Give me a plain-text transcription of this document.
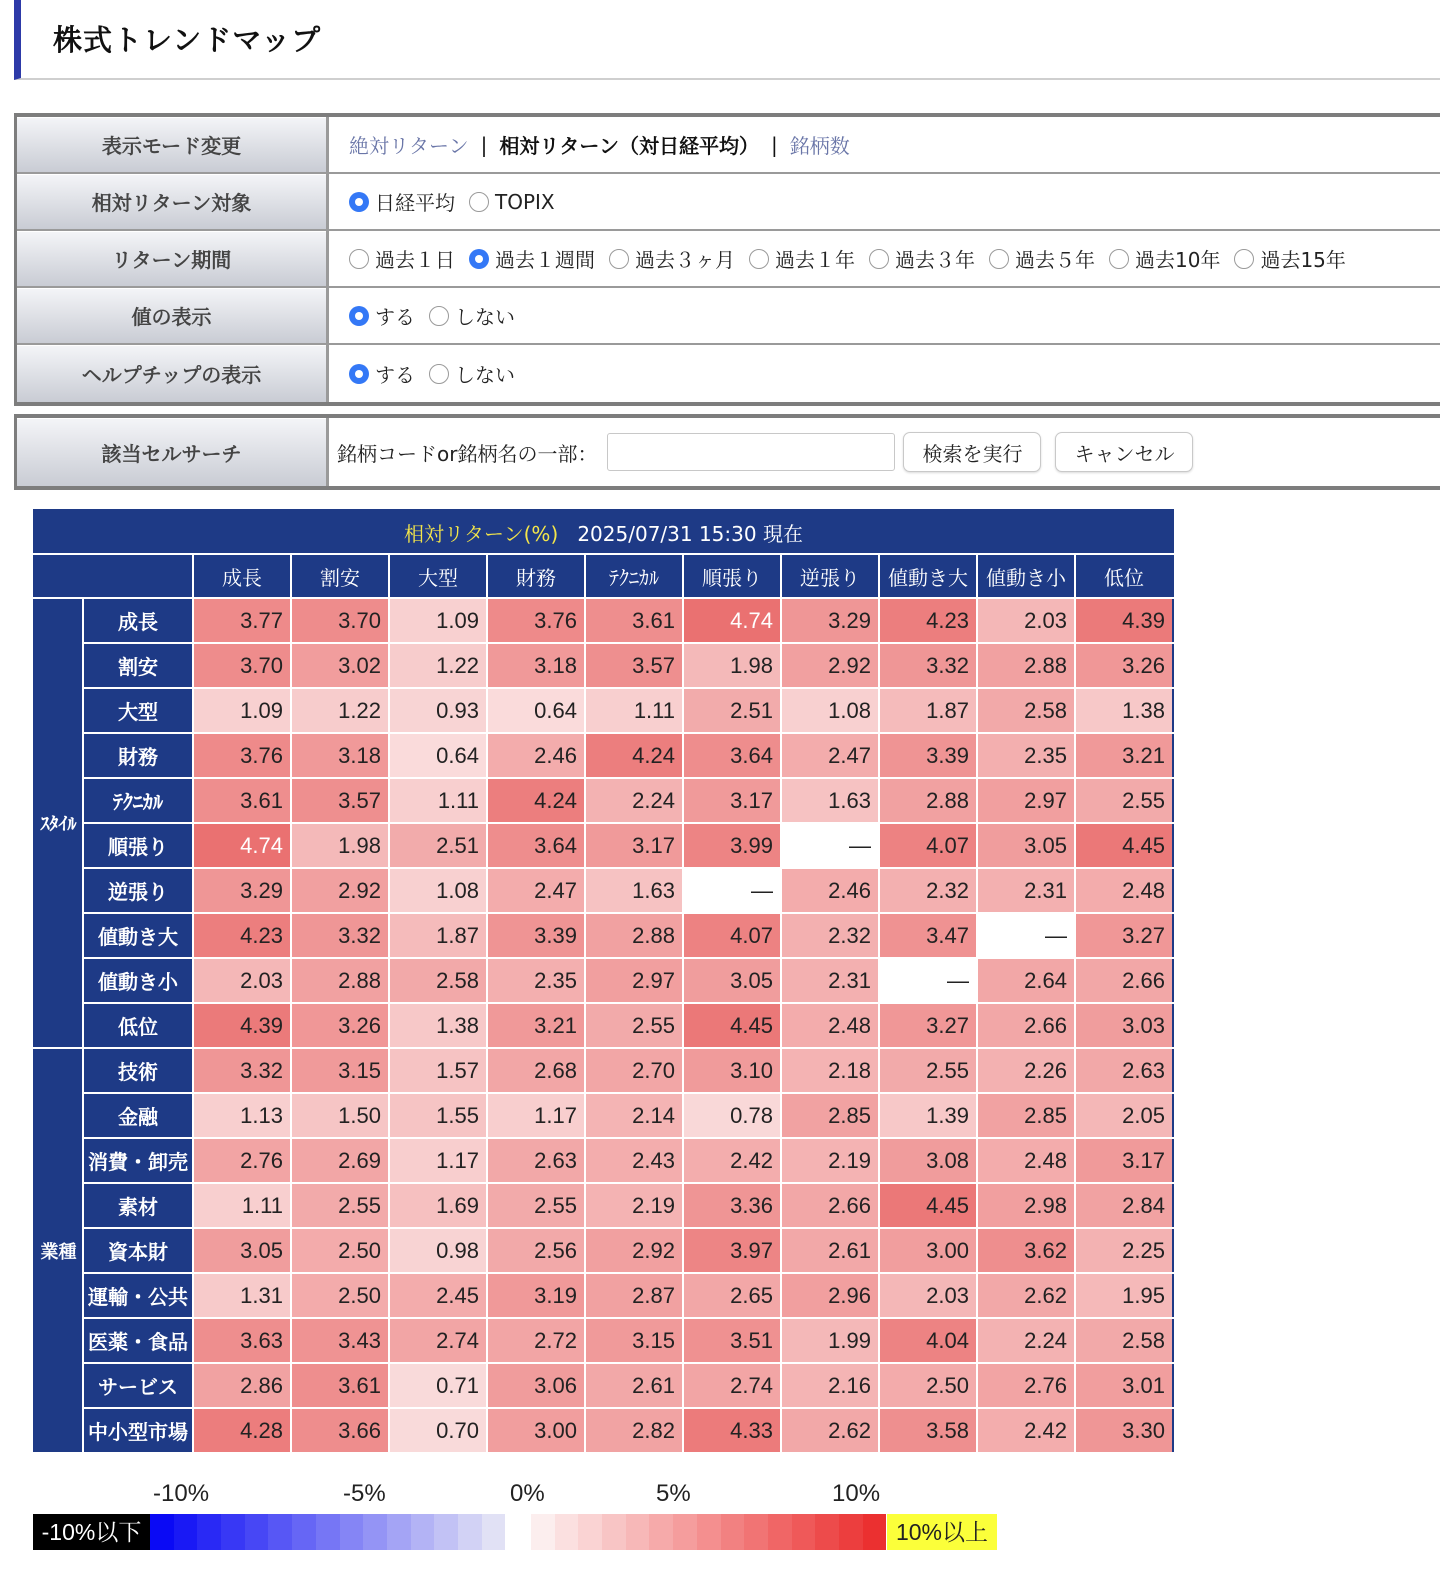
株式トレンドマップ
表示モード変更	絶対リターン | 相対リターン（対日経平均） | 銘柄数
相対リターン対象	日経平均 TOPIX
リターン期間	過去１日 過去１週間 過去３ヶ月 過去１年 過去３年 過去５年 過去10年 過去15年
値の表示	する しない
ヘルプチップの表示	する しない
該当セルサーチ	銘柄コードor銘柄名の一部：	検索を実行	キャンセル
相対リターン(%) 2025/07/31 15:30 現在											
		成長	割安	大型	財務	ﾃｸﾆｶﾙ	順張り	逆張り	値動き大	値動き小	低位
ｽﾀｲﾙ	成長	3.77	3.70	1.09	3.76	3.61	4.74	3.29	4.23	2.03	4.39
	割安	3.70	3.02	1.22	3.18	3.57	1.98	2.92	3.32	2.88	3.26
	大型	1.09	1.22	0.93	0.64	1.11	2.51	1.08	1.87	2.58	1.38
	財務	3.76	3.18	0.64	2.46	4.24	3.64	2.47	3.39	2.35	3.21
	ﾃｸﾆｶﾙ	3.61	3.57	1.11	4.24	2.24	3.17	1.63	2.88	2.97	2.55
	順張り	4.74	1.98	2.51	3.64	3.17	3.99	—	4.07	3.05	4.45
	逆張り	3.29	2.92	1.08	2.47	1.63	—	2.46	2.32	2.31	2.48
	値動き大	4.23	3.32	1.87	3.39	2.88	4.07	2.32	3.47	—	3.27
	値動き小	2.03	2.88	2.58	2.35	2.97	3.05	2.31	—	2.64	2.66
	低位	4.39	3.26	1.38	3.21	2.55	4.45	2.48	3.27	2.66	3.03
業種	技術	3.32	3.15	1.57	2.68	2.70	3.10	2.18	2.55	2.26	2.63
	金融	1.13	1.50	1.55	1.17	2.14	0.78	2.85	1.39	2.85	2.05
	消費・卸売	2.76	2.69	1.17	2.63	2.43	2.42	2.19	3.08	2.48	3.17
	素材	1.11	2.55	1.69	2.55	2.19	3.36	2.66	4.45	2.98	2.84
	資本財	3.05	2.50	0.98	2.56	2.92	3.97	2.61	3.00	3.62	2.25
	運輸・公共	1.31	2.50	2.45	3.19	2.87	2.65	2.96	2.03	2.62	1.95
	医薬・食品	3.63	3.43	2.74	2.72	3.15	3.51	1.99	4.04	2.24	2.58
	サービス	2.86	3.61	0.71	3.06	2.61	2.74	2.16	2.50	2.76	3.01
	中小型市場	4.28	3.66	0.70	3.00	2.82	4.33	2.62	3.58	2.42	3.30
-10%	-5%	0%	5%	10%
-10%以下	10%以上
